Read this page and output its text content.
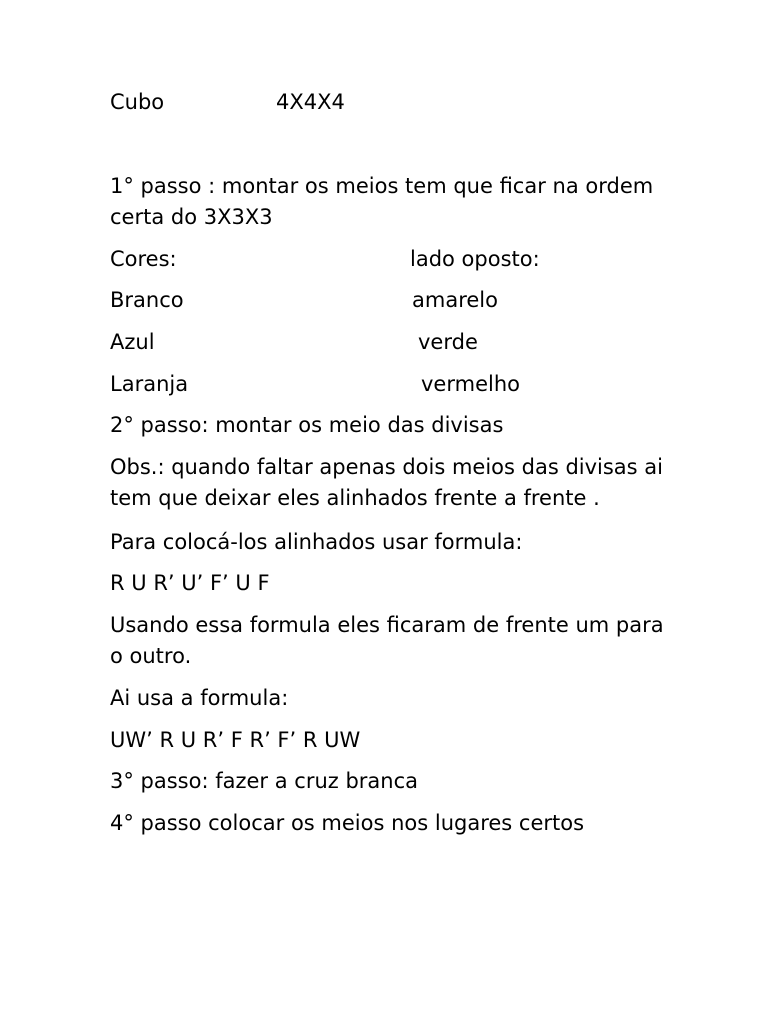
Cubo	4X4X4
1° passo : montar os meios tem que ficar na ordem certa do 3X3X3
Cores:	lado oposto:
Branco	amarelo
Azul	verde
Laranja	vermelho
2° passo: montar os meio das divisas
Obs.: quando faltar apenas dois meios das divisas ai tem que deixar eles alinhados frente a frente .
Para colocá-los alinhados usar formula:
R U R’ U’ F’ U F
Usando essa formula eles ficaram de frente um para o outro.
Ai usa a formula:
UW’ R U R’ F R’ F’ R UW
3° passo: fazer a cruz branca
4° passo colocar os meios nos lugares certos
